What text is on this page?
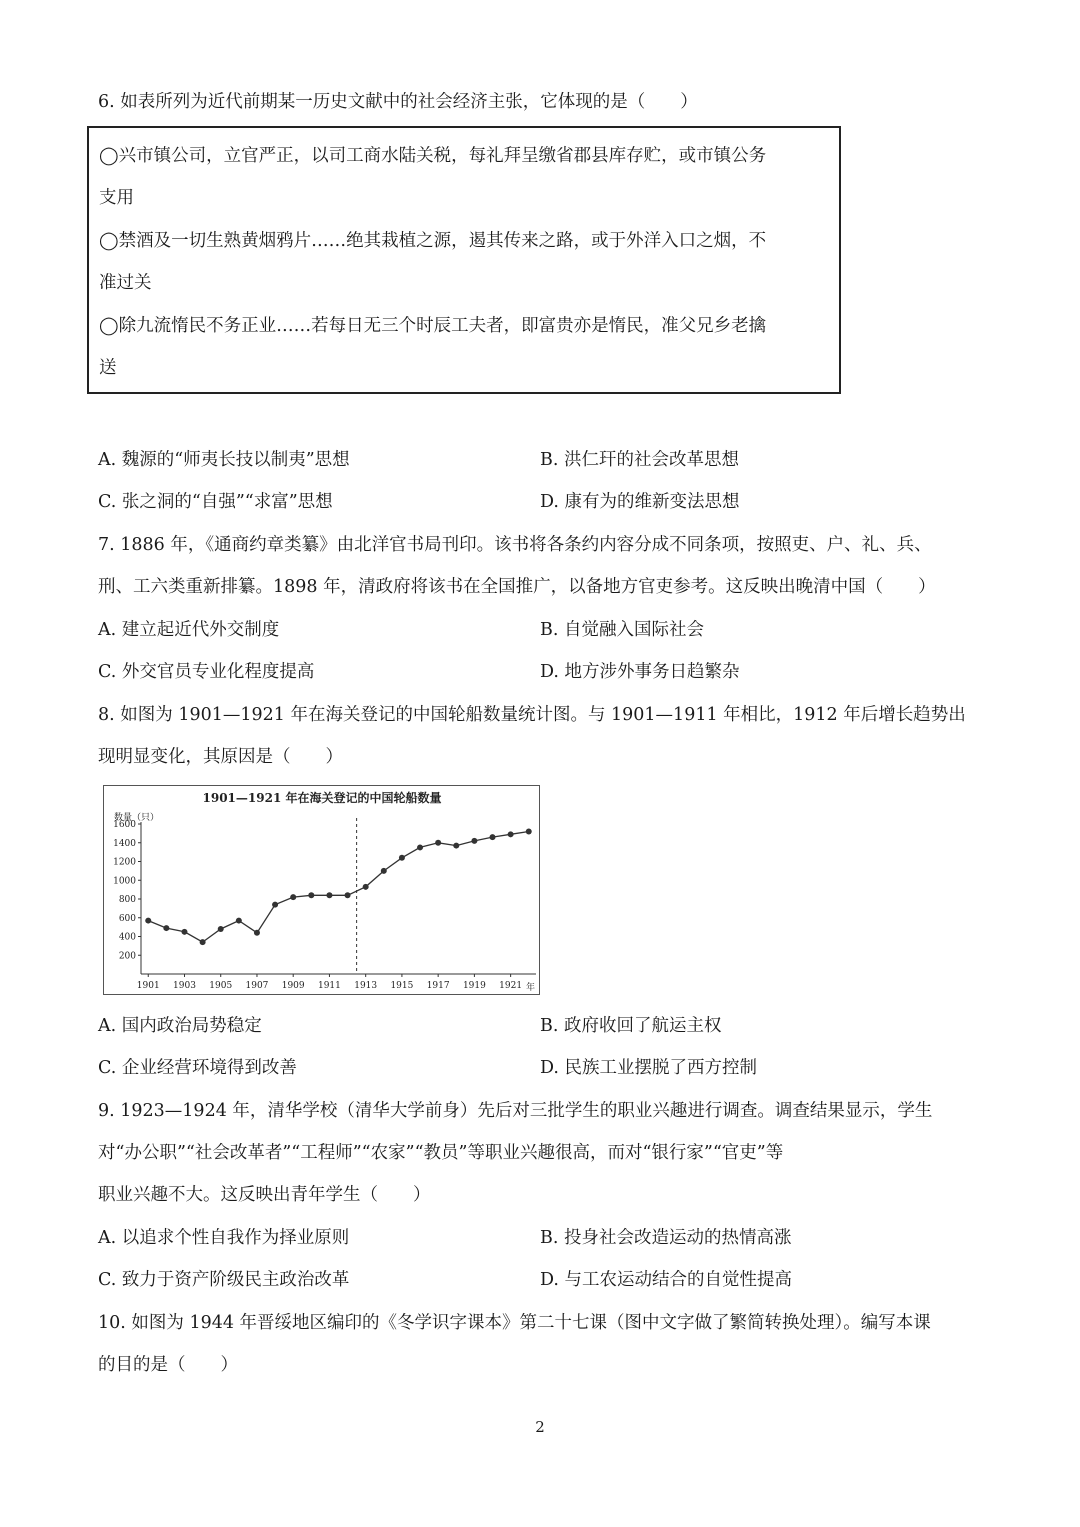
6. 如表所列为近代前期某一历史文献中的社会经济主张，它体现的是（　　）
◯兴市镇公司，立官严正，以司工商水陆关税，每礼拜呈缴省郡县库存贮，或市镇公务
支用
◯禁酒及一切生熟黄烟鸦片……绝其栽植之源，遏其传来之路，或于外洋入口之烟，不
准过关
◯除九流惰民不务正业……若每日无三个时辰工夫者，即富贵亦是惰民，准父兄乡老擒
送
A. 魏源的“师夷长技以制夷”思想	B. 洪仁玕的社会改革思想
C. 张之洞的“自强”“求富”思想	D. 康有为的维新变法思想
7. 1886 年，《通商约章类纂》由北洋官书局刊印。该书将各条约内容分成不同条项，按照吏、户、礼、兵、
刑、工六类重新排纂。1898 年，清政府将该书在全国推广，以备地方官吏参考。这反映出晚清中国（　　）
A. 建立起近代外交制度	B. 自觉融入国际社会
C. 外交官员专业化程度提高	D. 地方涉外事务日趋繁杂
8. 如图为 1901—1921 年在海关登记的中国轮船数量统计图。与 1901—1911 年相比，1912 年后增长趋势出
现明显变化，其原因是（　　）
1901—1921 年在海关登记的中国轮船数量
数量（只）
年
200
400
600
800
1000
1200
1400
1600
1901 1903 1905 1907 1909 1911 1913 1915 1917 1919 1921
A. 国内政治局势稳定	B. 政府收回了航运主权
C. 企业经营环境得到改善	D. 民族工业摆脱了西方控制
9. 1923—1924 年，清华学校（清华大学前身）先后对三批学生的职业兴趣进行调查。调查结果显示，学生
对“办公职”“社会改革者”“工程师”“农家”“教员”等职业兴趣很高，而对“银行家”“官吏”等
职业兴趣不大。这反映出青年学生（　　）
A. 以追求个性自我作为择业原则	B. 投身社会改造运动的热情高涨
C. 致力于资产阶级民主政治改革	D. 与工农运动结合的自觉性提高
10. 如图为 1944 年晋绥地区编印的《冬学识字课本》第二十七课（图中文字做了繁简转换处理）。编写本课
的目的是（　　）
2
